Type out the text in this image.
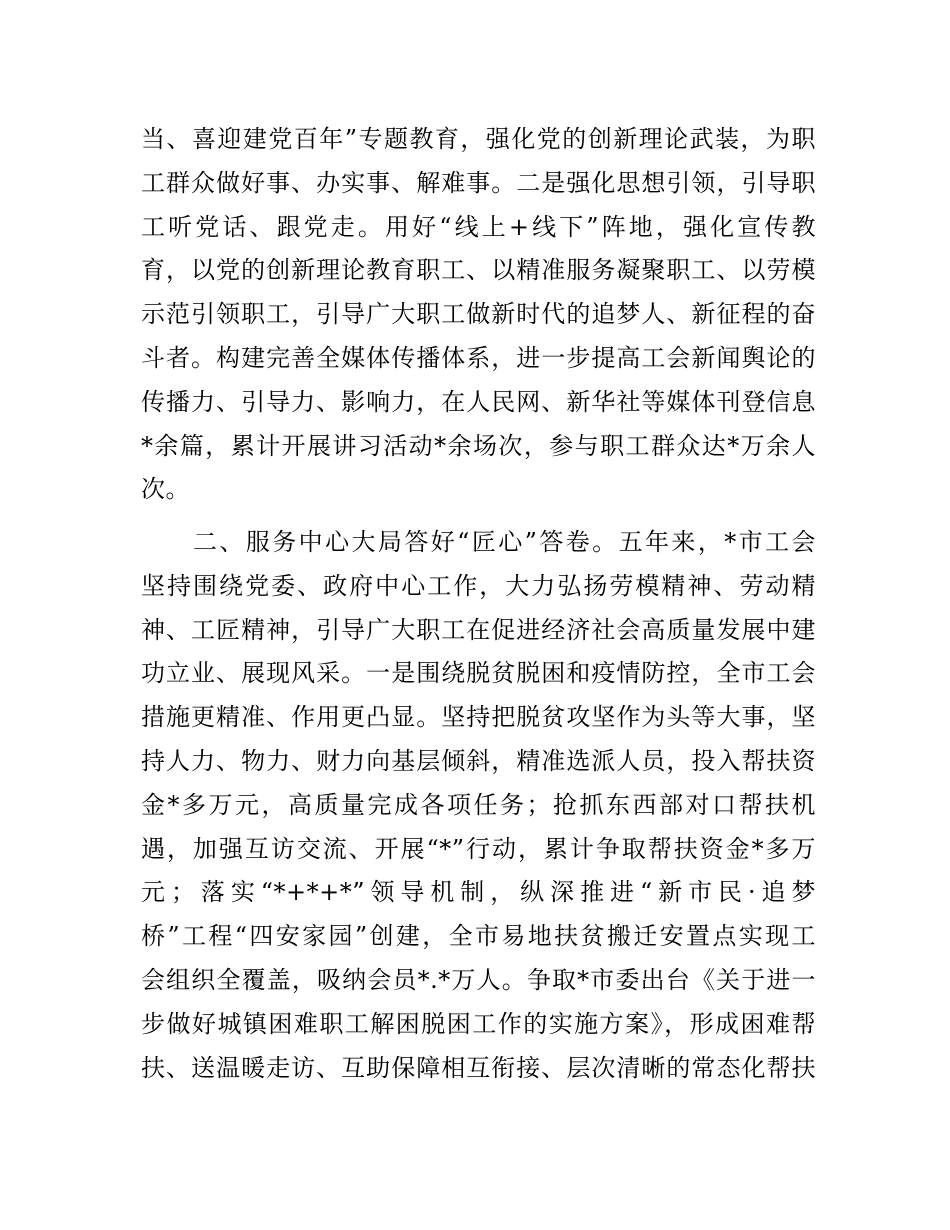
当、喜迎建党百年”专题教育，强化党的创新理论武装，为职
工群众做好事、办实事、解难事。二是强化思想引领，引导职
工听党话、跟党走。用好“线上+线下”阵地，强化宣传教
育，以党的创新理论教育职工、以精准服务凝聚职工、以劳模
示范引领职工，引导广大职工做新时代的追梦人、新征程的奋
斗者。构建完善全媒体传播体系，进一步提高工会新闻舆论的
传播力、引导力、影响力，在人民网、新华社等媒体刊登信息
*余篇，累计开展讲习活动*余场次，参与职工群众达*万余人
次。
二、服务中心大局答好“匠心”答卷。五年来，*市工会
坚持围绕党委、政府中心工作，大力弘扬劳模精神、劳动精
神、工匠精神，引导广大职工在促进经济社会高质量发展中建
功立业、展现风采。一是围绕脱贫脱困和疫情防控，全市工会
措施更精准、作用更凸显。坚持把脱贫攻坚作为头等大事，坚
持人力、物力、财力向基层倾斜，精准选派人员，投入帮扶资
金*多万元，高质量完成各项任务；抢抓东西部对口帮扶机
遇，加强互访交流、开展“*”行动，累计争取帮扶资金*多万
元；落实“*+*+*”领导机制，纵深推进“新市民·追梦
桥”工程“四安家园”创建，全市易地扶贫搬迁安置点实现工
会组织全覆盖，吸纳会员*.*万人。争取*市委出台《关于进一
步做好城镇困难职工解困脱困工作的实施方案》，形成困难帮
扶、送温暖走访、互助保障相互衔接、层次清晰的常态化帮扶
